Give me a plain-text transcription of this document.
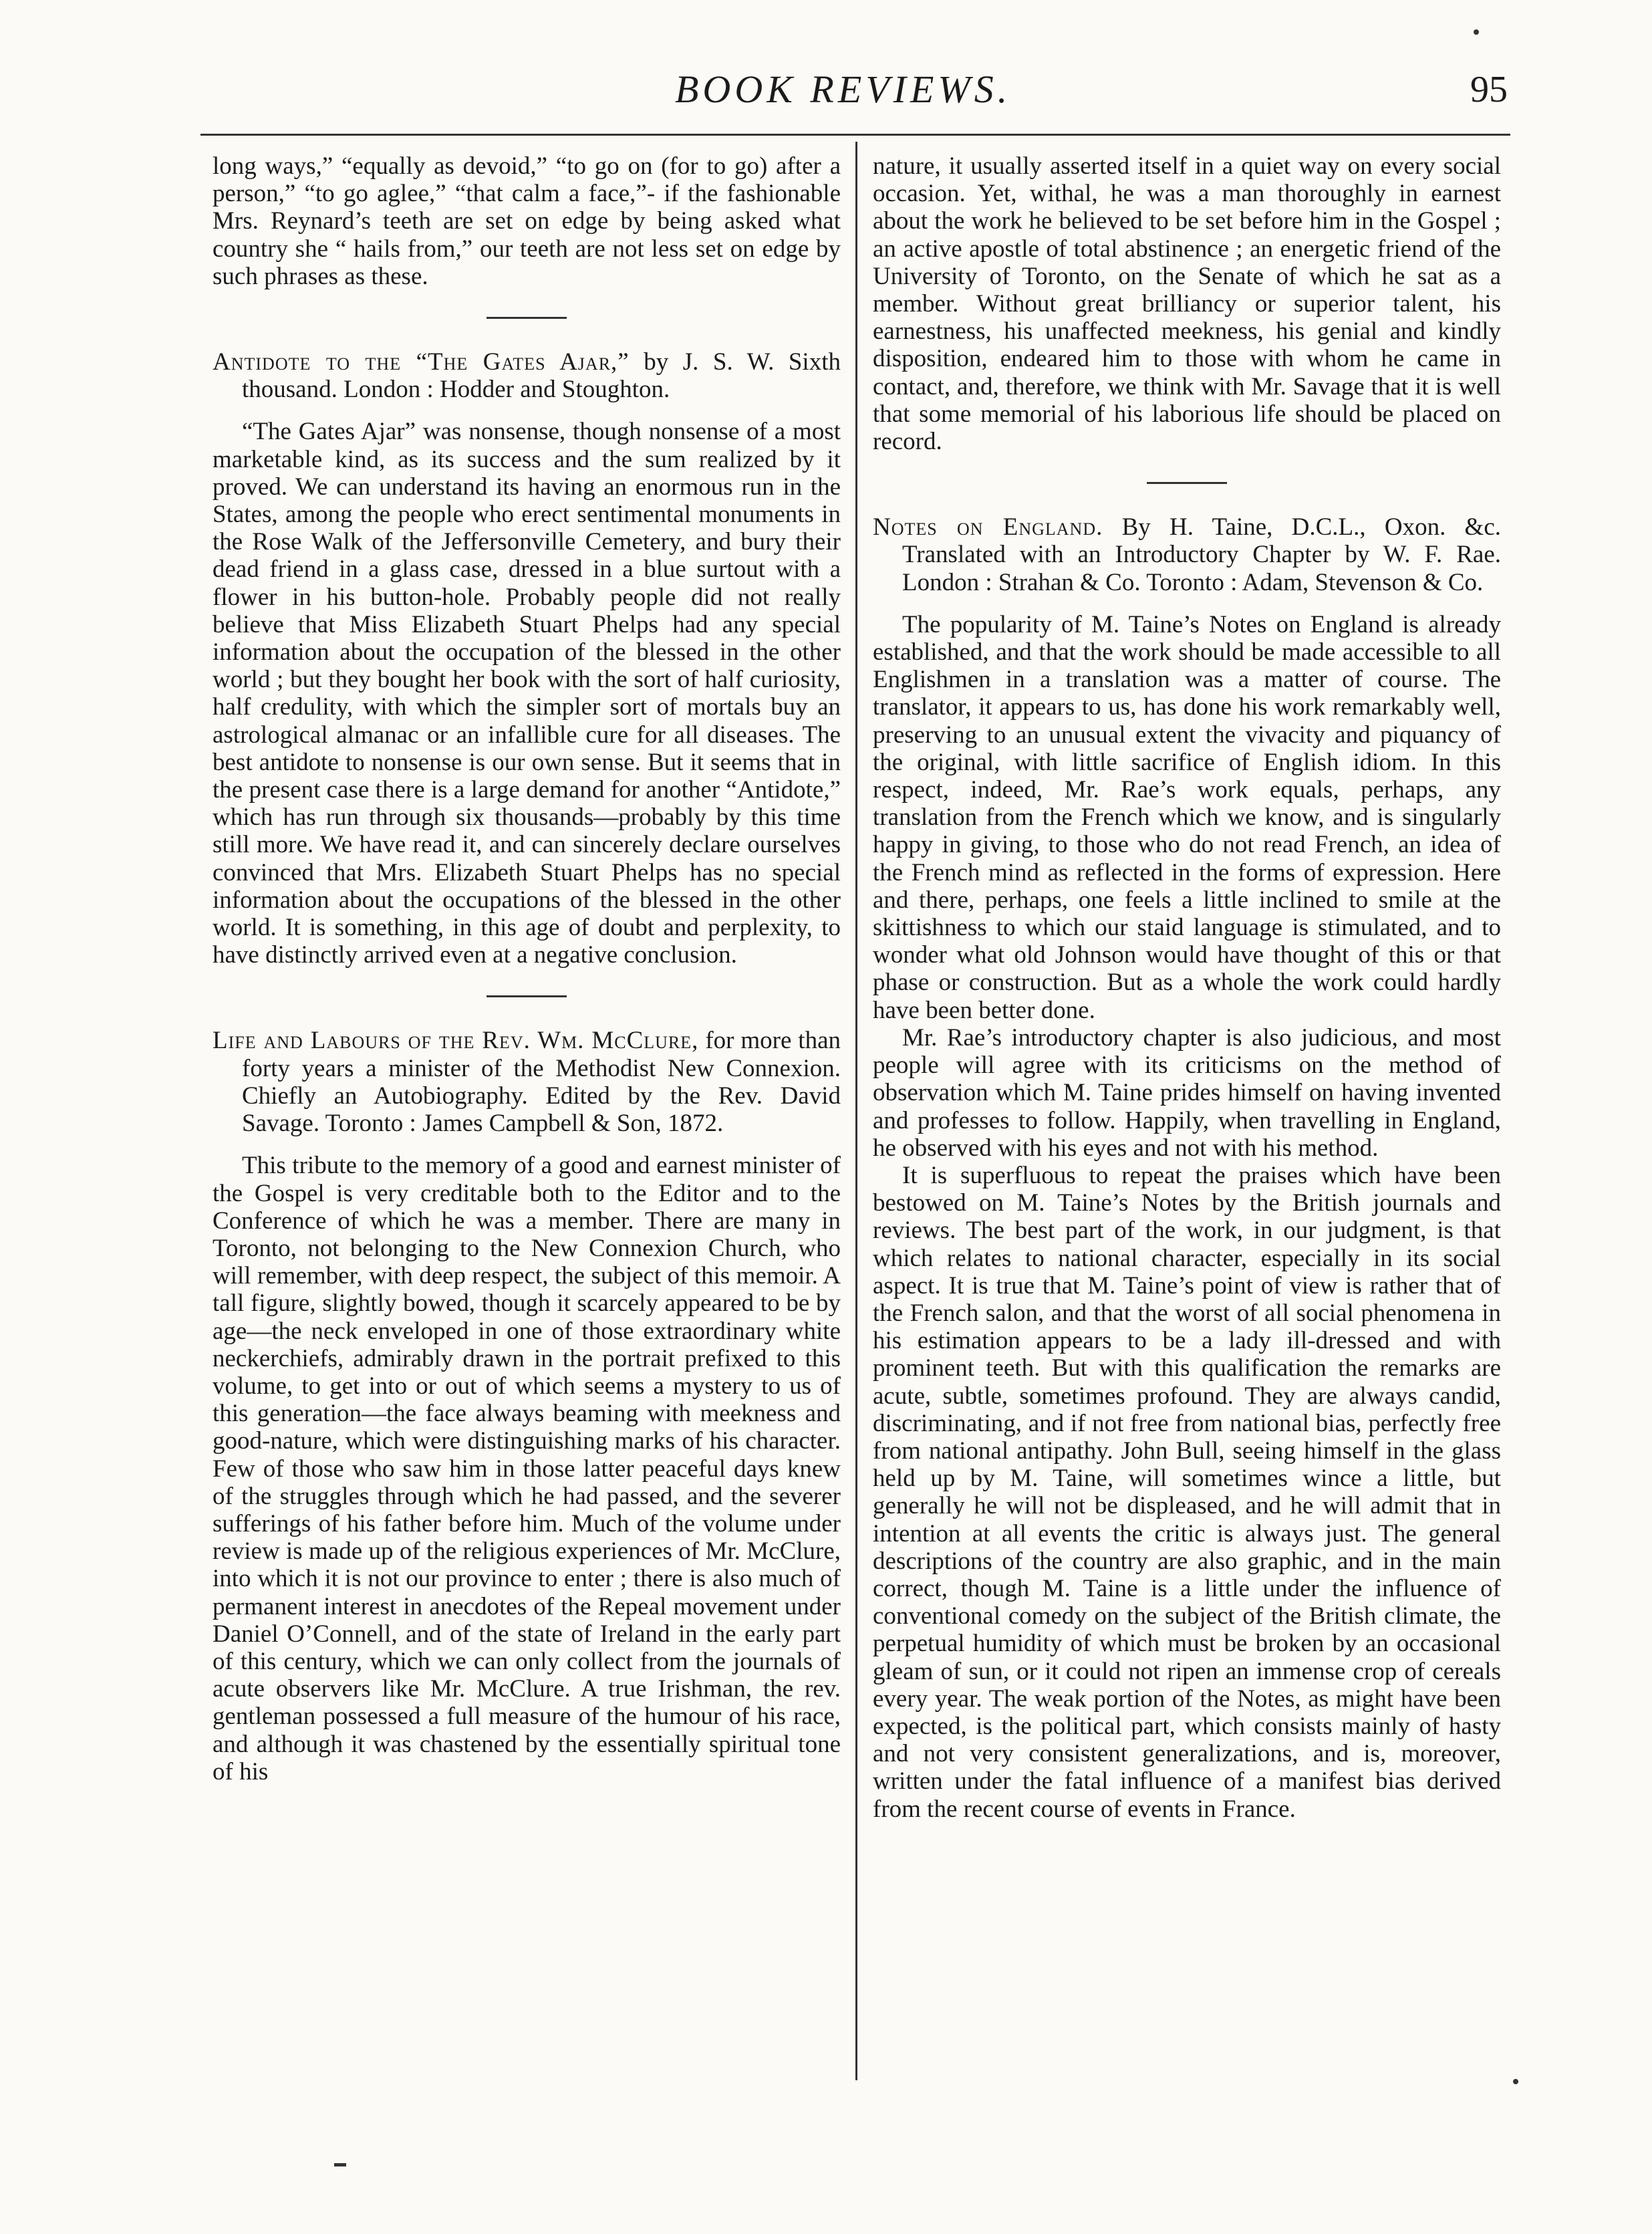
BOOK REVIEWS.	95

long ways,” “equally as devoid,” “to go on (for to go) after a person,” “to go aglee,” “that calm a face,”- if the fashionable Mrs. Reynard’s teeth are set on edge by being asked what country she “ hails from,” our teeth are not less set on edge by such phrases as these.

Antidote to the “The Gates Ajar,” by J. S. W. Sixth thousand. London : Hodder and Stoughton.

“The Gates Ajar” was nonsense, though nonsense of a most marketable kind, as its success and the sum realized by it proved. We can understand its having an enormous run in the States, among the people who erect sentimental monuments in the Rose Walk of the Jeffersonville Cemetery, and bury their dead friend in a glass case, dressed in a blue surtout with a flower in his button-hole. Probably people did not really believe that Miss Elizabeth Stuart Phelps had any special information about the occupation of the blessed in the other world ; but they bought her book with the sort of half curiosity, half credulity, with which the simpler sort of mortals buy an astrological almanac or an infallible cure for all diseases. The best antidote to nonsense is our own sense. But it seems that in the present case there is a large demand for another “Antidote,” which has run through six thousands—probably by this time still more. We have read it, and can sincerely declare ourselves convinced that Mrs. Elizabeth Stuart Phelps has no special information about the occupations of the blessed in the other world. It is something, in this age of doubt and perplexity, to have distinctly arrived even at a negative conclusion.

Life and Labours of the Rev. Wm. McClure, for more than forty years a minister of the Methodist New Connexion. Chiefly an Autobiography. Edited by the Rev. David Savage. Toronto : James Campbell & Son, 1872.

This tribute to the memory of a good and earnest minister of the Gospel is very creditable both to the Editor and to the Conference of which he was a member. There are many in Toronto, not belonging to the New Connexion Church, who will remember, with deep respect, the subject of this memoir. A tall figure, slightly bowed, though it scarcely appeared to be by age—the neck enveloped in one of those extraordinary white neckerchiefs, admirably drawn in the portrait prefixed to this volume, to get into or out of which seems a mystery to us of this generation—the face always beaming with meekness and good-nature, which were distinguishing marks of his character. Few of those who saw him in those latter peaceful days knew of the struggles through which he had passed, and the severer sufferings of his father before him. Much of the volume under review is made up of the religious experiences of Mr. McClure, into which it is not our province to enter ; there is also much of permanent interest in anecdotes of the Repeal movement under Daniel O’Connell, and of the state of Ireland in the early part of this century, which we can only collect from the journals of acute observers like Mr. McClure. A true Irishman, the rev. gentleman possessed a full measure of the humour of his race, and although it was chastened by the essentially spiritual tone of his

nature, it usually asserted itself in a quiet way on every social occasion. Yet, withal, he was a man thoroughly in earnest about the work he believed to be set before him in the Gospel ; an active apostle of total abstinence ; an energetic friend of the University of Toronto, on the Senate of which he sat as a member. Without great brilliancy or superior talent, his earnestness, his unaffected meekness, his genial and kindly disposition, endeared him to those with whom he came in contact, and, therefore, we think with Mr. Savage that it is well that some memorial of his laborious life should be placed on record.

Notes on England. By H. Taine, D.C.L., Oxon. &c. Translated with an Introductory Chapter by W. F. Rae. London : Strahan & Co. Toronto : Adam, Stevenson & Co.

The popularity of M. Taine’s Notes on England is already established, and that the work should be made accessible to all Englishmen in a translation was a matter of course. The translator, it appears to us, has done his work remarkably well, preserving to an unusual extent the vivacity and piquancy of the original, with little sacrifice of English idiom. In this respect, indeed, Mr. Rae’s work equals, perhaps, any translation from the French which we know, and is singularly happy in giving, to those who do not read French, an idea of the French mind as reflected in the forms of expression. Here and there, perhaps, one feels a little inclined to smile at the skittishness to which our staid language is stimulated, and to wonder what old Johnson would have thought of this or that phase or construction. But as a whole the work could hardly have been better done.

Mr. Rae’s introductory chapter is also judicious, and most people will agree with its criticisms on the method of observation which M. Taine prides himself on having invented and professes to follow. Happily, when travelling in England, he observed with his eyes and not with his method.

It is superfluous to repeat the praises which have been bestowed on M. Taine’s Notes by the British journals and reviews. The best part of the work, in our judgment, is that which relates to national character, especially in its social aspect. It is true that M. Taine’s point of view is rather that of the French salon, and that the worst of all social phenomena in his estimation appears to be a lady ill-dressed and with prominent teeth. But with this qualification the remarks are acute, subtle, sometimes profound. They are always candid, discriminating, and if not free from national bias, perfectly free from national antipathy. John Bull, seeing himself in the glass held up by M. Taine, will sometimes wince a little, but generally he will not be displeased, and he will admit that in intention at all events the critic is always just. The general descriptions of the country are also graphic, and in the main correct, though M. Taine is a little under the influence of conventional comedy on the subject of the British climate, the perpetual humidity of which must be broken by an occasional gleam of sun, or it could not ripen an immense crop of cereals every year. The weak portion of the Notes, as might have been expected, is the political part, which consists mainly of hasty and not very consistent generalizations, and is, moreover, written under the fatal influence of a manifest bias derived from the recent course of events in France.
